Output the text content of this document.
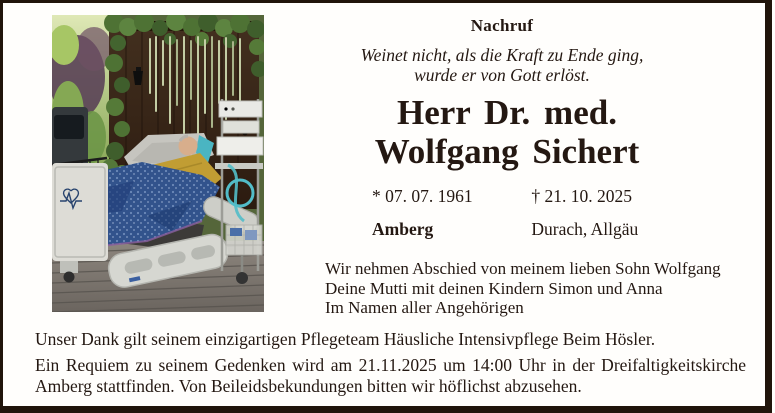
Nachruf
Weinet nicht, als die Kraft zu Ende ging,
wurde er von Gott erlöst.
Herr Dr. med.
Wolfgang Sichert
* 07. 07. 1961	† 21. 10. 2025
Amberg	Durach, Allgäu
Wir nehmen Abschied von meinem lieben Sohn Wolfgang
Deine Mutti mit deinen Kindern Simon und Anna
Im Namen aller Angehörigen

Unser Dank gilt seinem einzigartigen Pflegeteam Häusliche Intensivpflege Beim Hösler.

Ein Requiem zu seinem Gedenken wird am 21.11.2025 um 14:00 Uhr in der Dreifaltigkeitskirche

Amberg stattfinden. Von Beileidsbekundungen bitten wir höflichst abzusehen.
